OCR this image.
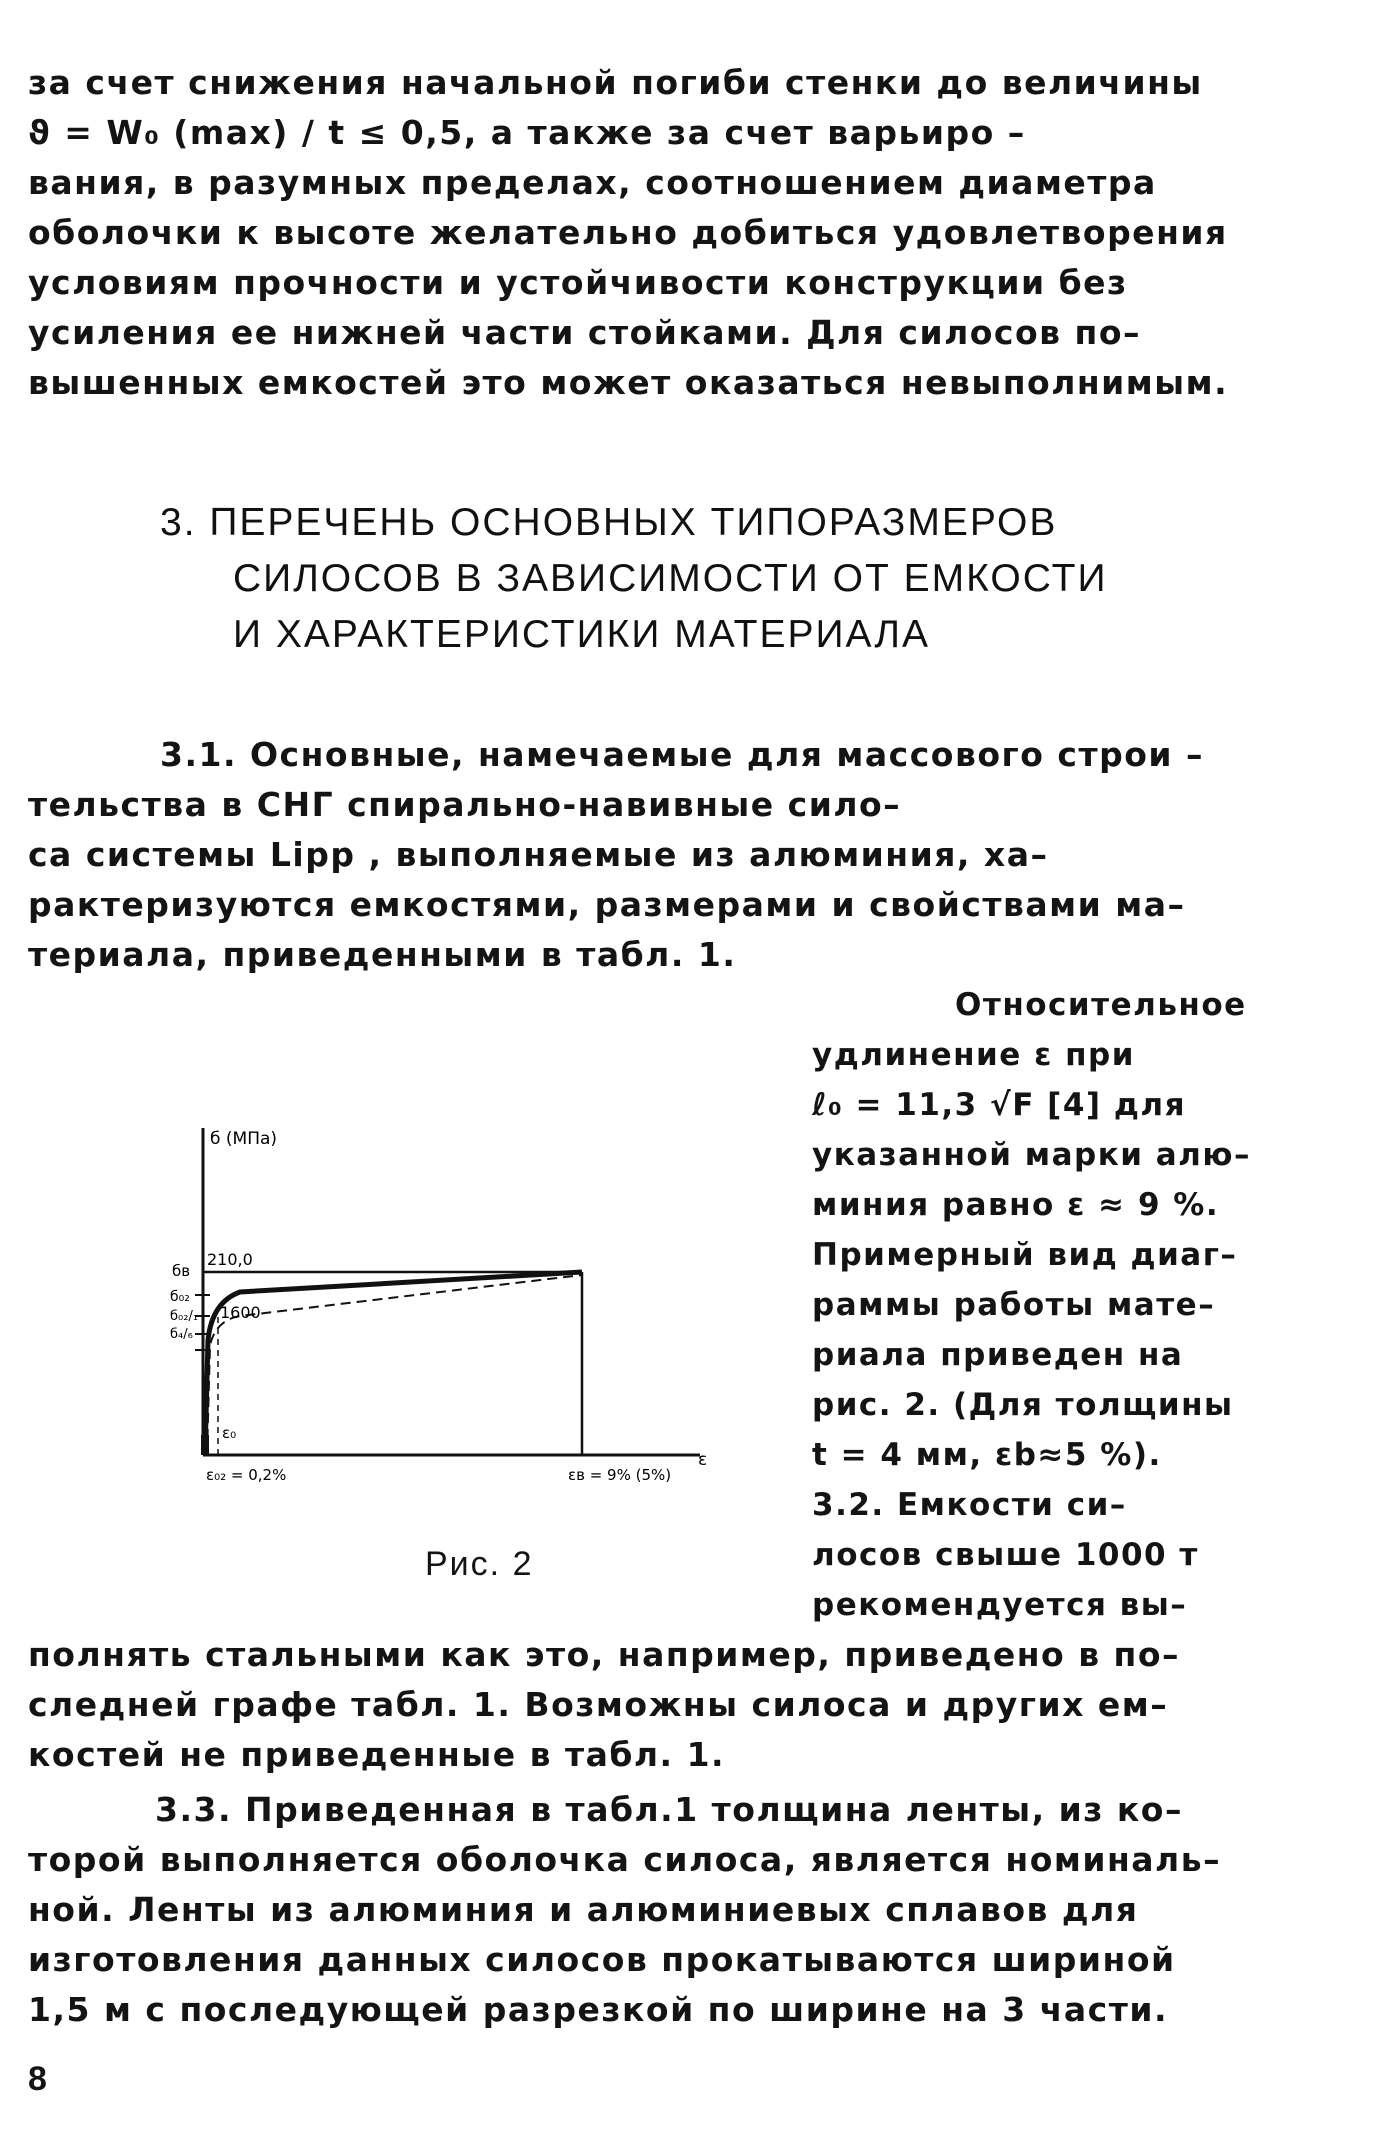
за счет снижения начальной погиби стенки до величины
ϑ = W₀ (max) / t ≤ 0,5, а также за счет варьиро –
вания, в разумных пределах, соотношением диаметра
оболочки к высоте желательно добиться удовлетворения
условиям прочности и устойчивости конструкции без
усиления ее нижней части стойками. Для силосов по–
вышенных емкостей это может оказаться невыполнимым.
3. ПЕРЕЧЕНЬ ОСНОВНЫХ ТИПОРАЗМЕРОВ
СИЛОСОВ В ЗАВИСИМОСТИ ОТ ЕМКОСТИ
И ХАРАКТЕРИСТИКИ МАТЕРИАЛА
3.1. Основные, намечаемые для массового строи –
тельства в СНГ спирально-навивные сило–
са системы Lipp , выполняемые из алюминия, ха–
рактеризуются емкостями, размерами и свойствами ма–
териала, приведенными в табл. 1.
Относительное
удлинение ε при
ℓ₀ = 11,3 √F [4] для
указанной марки алю–
миния равно ε ≈ 9 %.
Примерный вид диаг–
раммы работы мате–
риала приведен на
рис. 2. (Для толщины
t = 4 мм, εb≈5 %).
3.2. Емкости си–
лосов свыше 1000 т
рекомендуется вы–
б (МПа)
210,0
1600
бв
б₀₂
б₀₂/₁
б₄/₆
ε₀
ε₀₂ = 0,2%	εв = 9% (5%)
ε
Рис. 2
полнять стальными как это, например, приведено в по–
следней графе табл. 1. Возможны силоса и других ем–
костей не приведенные в табл. 1.
3.3. Приведенная в табл.1 толщина ленты, из ко–
торой выполняется оболочка силоса, является номиналь–
ной. Ленты из алюминия и алюминиевых сплавов для
изготовления данных силосов прокатываются шириной
1,5 м с последующей разрезкой по ширине на 3 части.
8
